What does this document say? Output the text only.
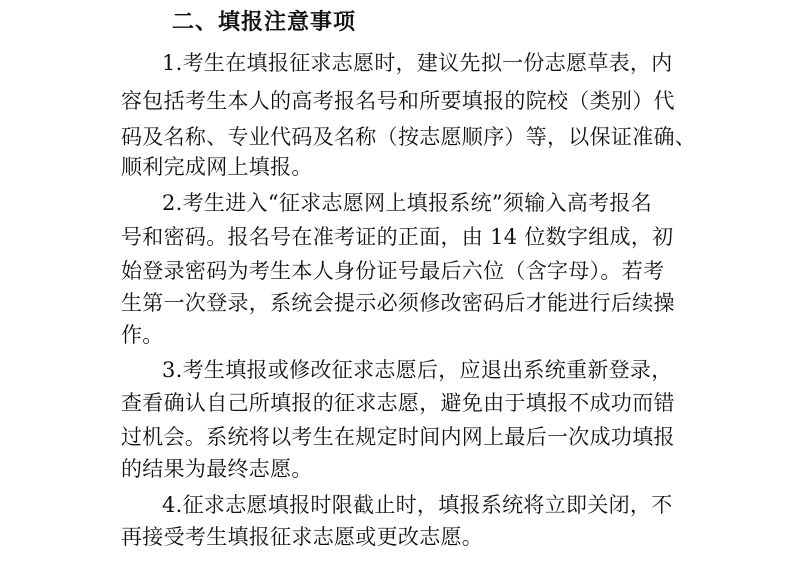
二、填报注意事项
1.考生在填报征求志愿时，建议先拟一份志愿草表，内
容包括考生本人的高考报名号和所要填报的院校（类别）代
码及名称、专业代码及名称（按志愿顺序）等，以保证准确、
顺利完成网上填报。
2.考生进入“征求志愿网上填报系统”须输入高考报名
号和密码。报名号在准考证的正面，由 14 位数字组成，初
始登录密码为考生本人身份证号最后六位（含字母）。若考
生第一次登录，系统会提示必须修改密码后才能进行后续操
作。
3.考生填报或修改征求志愿后，应退出系统重新登录，
查看确认自己所填报的征求志愿，避免由于填报不成功而错
过机会。系统将以考生在规定时间内网上最后一次成功填报
的结果为最终志愿。
4.征求志愿填报时限截止时，填报系统将立即关闭，不
再接受考生填报征求志愿或更改志愿。
